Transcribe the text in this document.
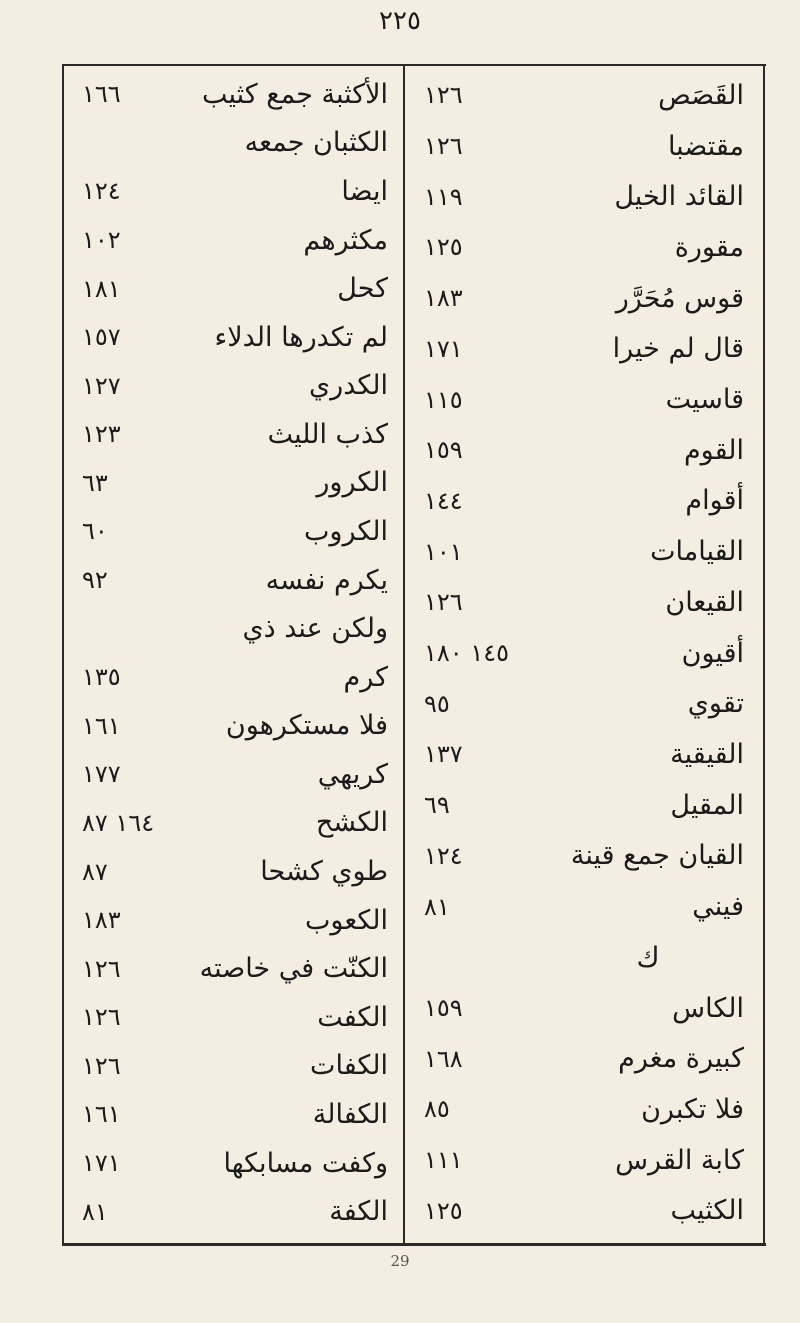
٢٢٥
القَصَص
١٢٦
مقتضبا
١٢٦
القائد الخيل
١١٩
مقورة
١٢٥
قوس مُحَرَّر
١٨٣
قال لم خيرا
١٧١
قاسيت
١١٥
القوم
١٥٩
أقوام
١٤٤
القيامات
١٠١
القيعان
١٢٦
أقيون
١٤٥ ١٨٠
تقوي
٩٥
القيقية
١٣٧
المقيل
٦٩
القيان جمع قينة
١٢٤
فيني
٨١
ك
الكاس
١٥٩
كبيرة مغرم
١٦٨
فلا تكبرن
٨٥
كابة القرس
١١١
الكثيب
١٢٥
الأكثبة جمع كثيب
١٦٦
الكثبان جمعه
ايضا
١٢٤
مكثرهم
١٠٢
كحل
١٨١
لم تكدرها الدلاء
١٥٧
الكدري
١٢٧
كذب الليث
١٢٣
الكرور
٦٣
الكروب
٦٠
يكرم نفسه
٩٢
ولكن عند ذي
كرم
١٣٥
فلا مستكرهون
١٦١
كريهي
١٧٧
الكشح
١٦٤ ٨٧
طوي كشحا
٨٧
الكعوب
١٨٣
الكنّت في خاصته
١٢٦
الكفت
١٢٦
الكفات
١٢٦
الكفالة
١٦١
وكفت مسابكها
١٧١
الكفة
٨١
29
